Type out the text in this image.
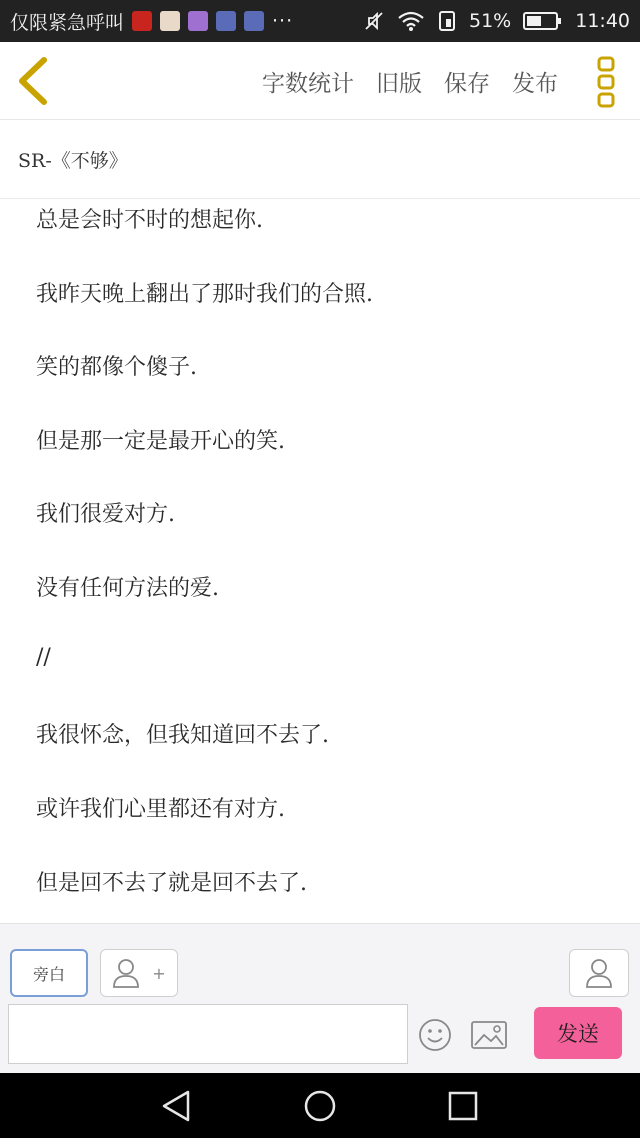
仅限紧急呼叫	···	51%	11:40
字数统计 旧版 保存 发布
SR-《不够》
总是会时不时的想起你.
我昨天晚上翻出了那时我们的合照.
笑的都像个傻子.
但是那一定是最开心的笑.
我们很爱对方.
没有任何方法的爱.
//
我很怀念，但我知道回不去了.
或许我们心里都还有对方.
但是回不去了就是回不去了.
旁白	+
发送
